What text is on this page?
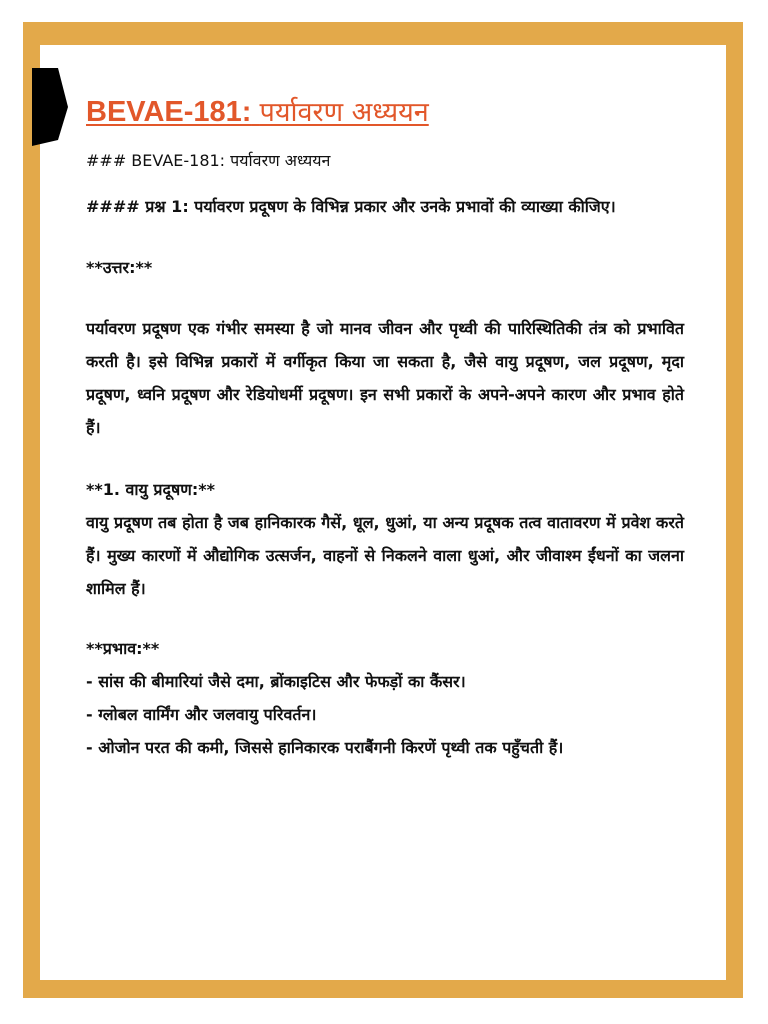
BEVAE-181: पर्यावरण अध्ययन

### BEVAE-181: पर्यावरण अध्ययन

#### प्रश्न 1: पर्यावरण प्रदूषण के विभिन्न प्रकार और उनके प्रभावों की व्याख्या कीजिए।

**उत्तर:**

पर्यावरण प्रदूषण एक गंभीर समस्या है जो मानव जीवन और पृथ्वी की पारिस्थितिकी तंत्र को प्रभावित करती है। इसे विभिन्न प्रकारों में वर्गीकृत किया जा सकता है, जैसे वायु प्रदूषण, जल प्रदूषण, मृदा प्रदूषण, ध्वनि प्रदूषण और रेडियोधर्मी प्रदूषण। इन सभी प्रकारों के अपने-अपने कारण और प्रभाव होते हैं।

**1. वायु प्रदूषण:**

वायु प्रदूषण तब होता है जब हानिकारक गैसें, धूल, धुआं, या अन्य प्रदूषक तत्व वातावरण में प्रवेश करते हैं। मुख्य कारणों में औद्योगिक उत्सर्जन, वाहनों से निकलने वाला धुआं, और जीवाश्म ईंधनों का जलना शामिल हैं।

**प्रभाव:**

- सांस की बीमारियां जैसे दमा, ब्रोंकाइटिस और फेफड़ों का कैंसर।

- ग्लोबल वार्मिंग और जलवायु परिवर्तन।

- ओजोन परत की कमी, जिससे हानिकारक पराबैंगनी किरणें पृथ्वी तक पहुँचती हैं।
